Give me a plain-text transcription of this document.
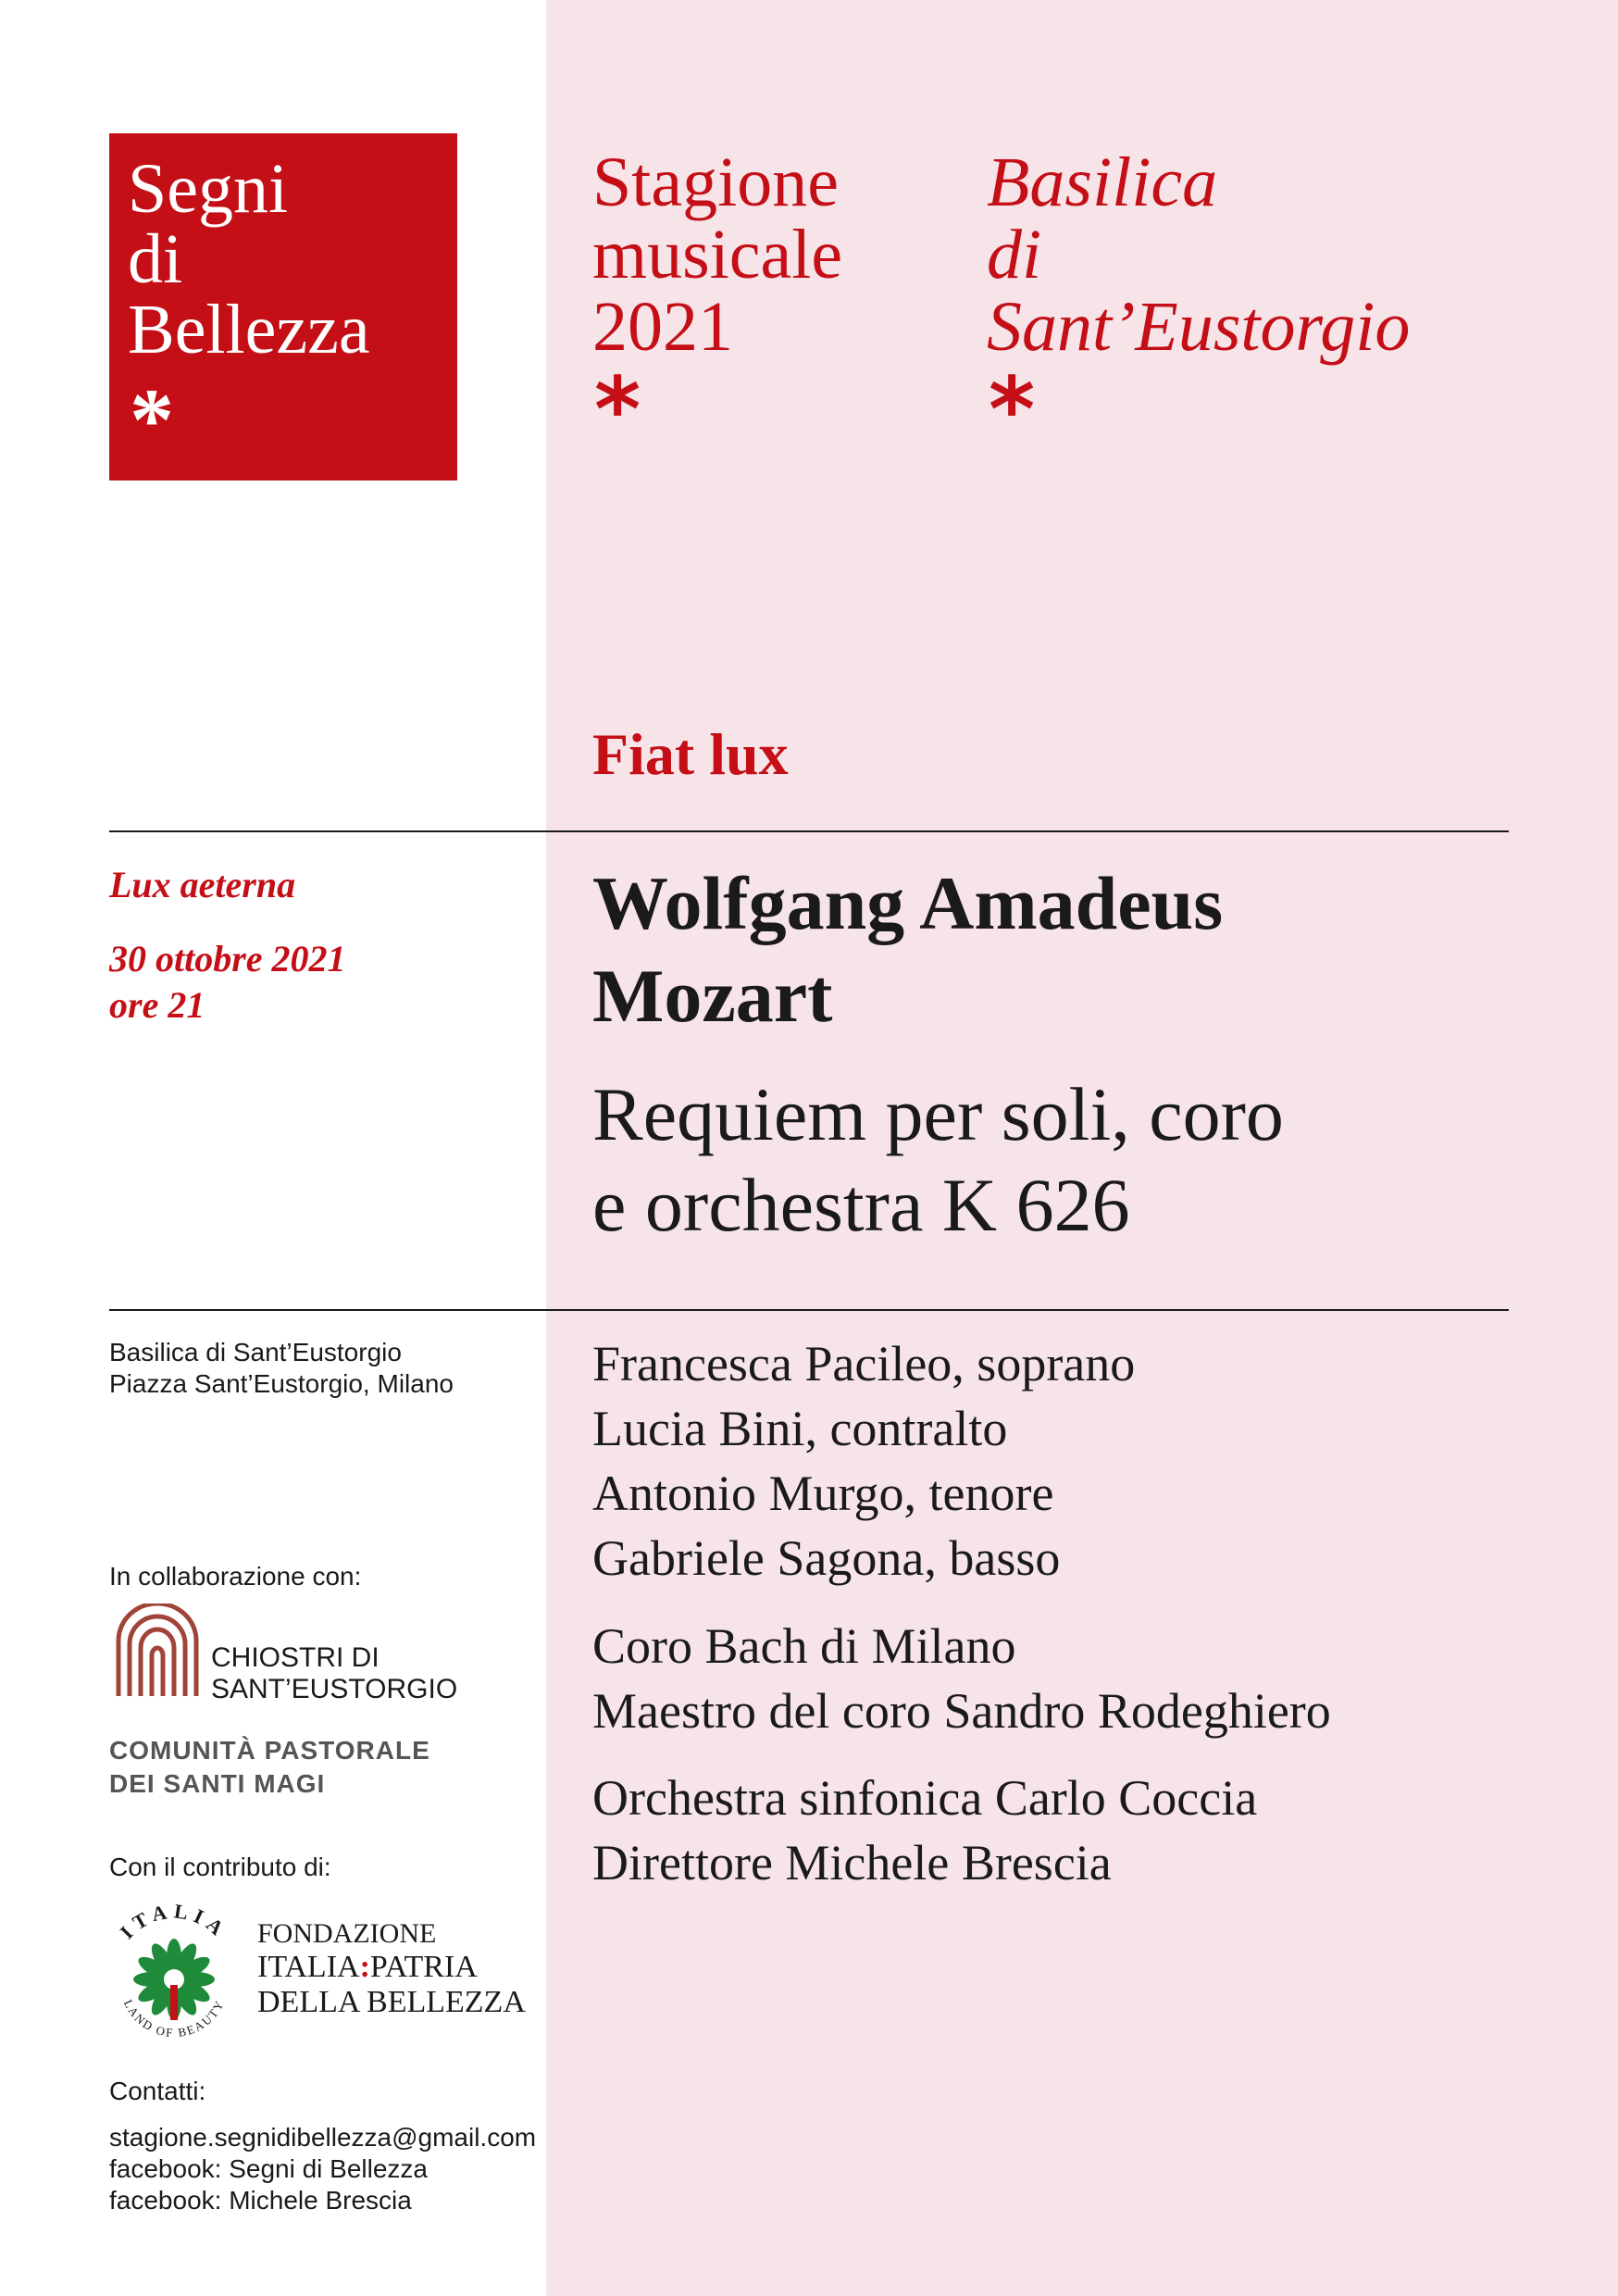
Segni
di
Bellezza
*
Stagione
musicale
2021
*
Basilica
di
Sant’Eustorgio
*
Fiat lux
Lux aeterna
30 ottobre 2021
ore 21
Wolfgang Amadeus
Mozart
Requiem per soli, coro
e orchestra K 626
Basilica di Sant’Eustorgio
Piazza Sant’Eustorgio, Milano	Francesca Pacileo, soprano
Lucia Bini, contralto
Antonio Murgo, tenore
Gabriele Sagona, basso
Coro Bach di Milano
Maestro del coro Sandro Rodeghiero
Orchestra sinfonica Carlo Coccia
Direttore Michele Brescia
In collaborazione con:
CHIOSTRI DI
SANT’EUSTORGIO
COMUNITÀ PASTORALE
DEI SANTI MAGI
Con il contributo di:
ITALIA
LAND OF BEAUTY
FONDAZIONE
ITALIA:PATRIA
DELLA BELLEZZA
Contatti:
stagione.segnidibellezza@gmail.com
facebook: Segni di Bellezza
facebook: Michele Brescia
